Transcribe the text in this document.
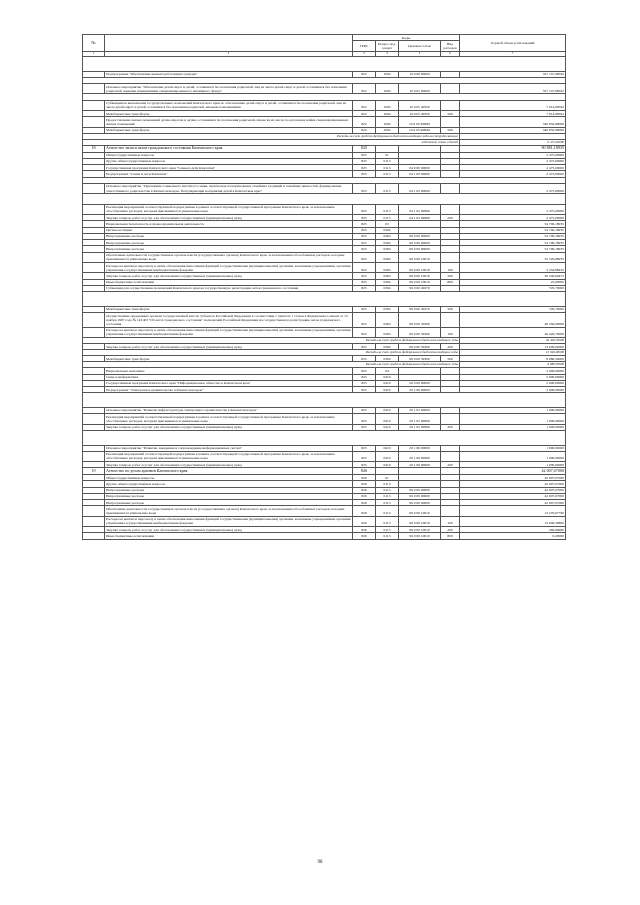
№		Коды				Годовой объем ассигнований
		ГРБС	Раздел, под-раздел	Целевая статья	Вид расходов	
1	2	3	4	5	6	7

	Подпрограмма "Обеспечение жильем работающих граждан"	822	1004	10 9 00 00000		357 747,98592

	Основное мероприятие "Обеспечение детей-сирот и детей, оставшихся без попечения родителей, лиц из числа детей-сирот и детей, оставшихся без попечения родителей, жилыми помещениями специализированного жилищного фонда"	822	1004	10 9 05 00000		357 747,98592

	Субвенции на выполнение государственных полномочий Камчатского края по обеспечению детей-сирот и детей, оставшихся без попечения родителей, лиц из числа детей-сирот и детей, оставшихся без попечения родителей, жилыми помещениями	822	1004	10 9 05 40350		7 914,98592
	Межбюджетные трансферты	822	1004	10 9 05 40350	500	7 914,98592
	Предоставление жилых помещений детям-сиротам и детям, оставшимся без попечения родителей, лицам из их числа по договорам найма специализированных жилых помещений	822	1004	10 9 05 R0820		349 832,98000
	Межбюджетные трансферты	822	1004	10 9 05 R0820	500	349 832,98000
Расходы за счет средств федерального бюджета входящие ходя на сотрудничающее						
водителей, семьи и детей						6 471,40000
18	Агентство записи актов гражданского состояния Камчатского края	825				90 881,18935
	Общегосударственные вопросы	825	01			2 475,00000
	Другие общегосударственные вопросы	825	0113			2 475,00000
	Государственная программа Камчатского края "Семья и дети Камчатки"	825	0113	04 0 00 00000		2 475,00000
	Подпрограмма "Семья и дети Камчатки"	825	0113	04 1 00 00000		2 475,00000

	Основное мероприятие "Укрепление социального института семьи, пропаганда положительных семейных традиций и семейных ценностей, формирование ответственного родительства в Камчатском крае. Популяризация восприятия детей в Камчатском крае"	825	0113	04 1 02 00000		2 475,00000

	Реализация мероприятий соответствующей подпрограммы в рамках соответствующей государственной программы Камчатского края, за исключением обособленных расходов, которым присваиваются уникальные коды	825	0113	04 1 02 09990		2 475,00000
	Закупка товаров, работ и услуг для обеспечения государственных (муниципальных) нужд	825	0113	04 1 02 09990	200	2 475,00000
	Национальная безопасность и правоохранительная деятельность	825	03			54 706,18935
	Органы юстиции	825	0304			54 706,18935
	Непрограммные расходы	825	0304	99 0 00 00000		54 706,18935
	Непрограммные расходы	825	0304	99 0 00 00000		54 706,18935
	Непрограммные расходы	825	0304	99 0 00 00000		54 706,18935
	Обеспечение деятельности государственных органов власти (государственных органов) Камчатского края, за исключением обособленных расходов, которым присваиваются уникальные коды	825	0304	99 0 00 10010		35 529,88935
	Расходы на выплаты персоналу в целях обеспечения выполнения функций государственными (муниципальными) органами, казенными учреждениями, органами управления государственными внебюджетными фондами	825	0304	99 0 00 10010	100	5 254,88435
	Закупка товаров, работ и услуг для обеспечения государственных (муниципальных) нужд	825	0304	99 0 00 10010	200	30 249,60475
	Иные бюджетные ассигнования	825	0304	99 0 00 10010	800	25,00000
	Субвенции для осуществления полномочий Камчатского края на государственную регистрацию актов гражданского состояния	825	0304	99 0 00 40270		720,70000

	Межбюджетные трансферты	825	0304	99 0 00 40270	500	720,70000
	Осуществление переданных органам государственной власти субъектов Российской Федерации в соответствии с пунктом 1 статьи 4 Федерального закона от 15 ноября 1997 года № 143-ФЗ "Об актах гражданского состояния" полномочий Российской Федерации на государственную регистрацию актов гражданского состояния	825	0304	99 0 00 59300		48 456,00000
	Расходы на выплаты персоналу в целях обеспечения выполнения функций государственными (муниципальными) органами, казенными учреждениями, органами управления государственными внебюджетными фондами	825	0304	99 0 00 59300	100	26 426,70000
Расходы за счет средств федерального бюджета входящие годы						26 426,70000
	Закупка товаров, работ и услуг для обеспечения государственных (муниципальных) нужд	825	0304	99 0 00 59300	200	13 049,00000
Расходы за счет средств федерального бюджета входящие годы						13 049,00000
	Межбюджетные трансферты	825	0304	99 0 00 59300	500	8 980,30000
Расходы за счет средств федерального бюджета входящие годы						8 980,30000
	Национальная экономика	825	04			2 900,00000
	Связь и информатика	825	0410			2 900,00000
	Государственная программа Камчатского края "Информационное общество в Камчатском крае"	825	0410	20 0 00 00000		2 900,00000
	Подпрограмма "Электронное правительство в Камчатском крае"	825	0410	20 1 00 00000		2 900,00000

	Основное мероприятие "Развитие инфраструктуры электронного правительства в Камчатском крае"	825	0410	20 1 02 00000		1 900,00000
	Реализация мероприятий соответствующей подпрограммы в рамках соответствующей государственной программы Камчатского края, за исключением обособленных расходов, которым присваиваются уникальные коды	825	0410	20 1 02 09990		1 900,00000
	Закупка товаров, работ и услуг для обеспечения государственных (муниципальных) нужд	825	0410	20 1 02 09990	200	1 900,00000

	Основное мероприятие "Развитие, внедрение и сопровождение информационных систем"	825	0410	20 1 06 00000		1 000,00000
	Реализация мероприятий соответствующей подпрограммы в рамках соответствующей государственной программы Камчатского края, за исключением обособленных расходов, которым присваиваются уникальные коды	825	0410	20 1 06 09990		1 000,00000
	Закупка товаров, работ и услуг для обеспечения государственных (муниципальных) нужд	825	0410	20 1 06 09990	200	1 000,00000
19	Агентство по делам архивов Камчатского края	826				42 007,07000
	Общегосударственные вопросы	826	01			42 007,07000
	Другие общегосударственные вопросы	826	0113			42 007,07000
	Непрограммные расходы	826	0113	99 0 00 00000		42 007,07000
	Непрограммные расходы	826	0113	99 0 00 00000		42 007,07000
	Непрограммные расходы	826	0113	99 0 00 00000		42 007,07000
	Обеспечение деятельности государственных органов власти (государственных органов) Камчатского края, за исключением обособленных расходов, которым присваиваются уникальные коды	826	0113	99 0 00 10010		13 276,67760
	Расходы на выплаты персоналу в целях обеспечения выполнения функций государственными (муниципальными) органами, казенными учреждениями, органами управления государственными внебюджетными фондами	826	0113	99 0 00 10010	100	13 006,36800
	Закупка товаров, работ и услуг для обеспечения государственных (муниципальных) нужд	826	0113	99 0 00 10010	200	269,90960
	Иные бюджетные ассигнования	826	0113	99 0 00 10010	800	0,20000
98
